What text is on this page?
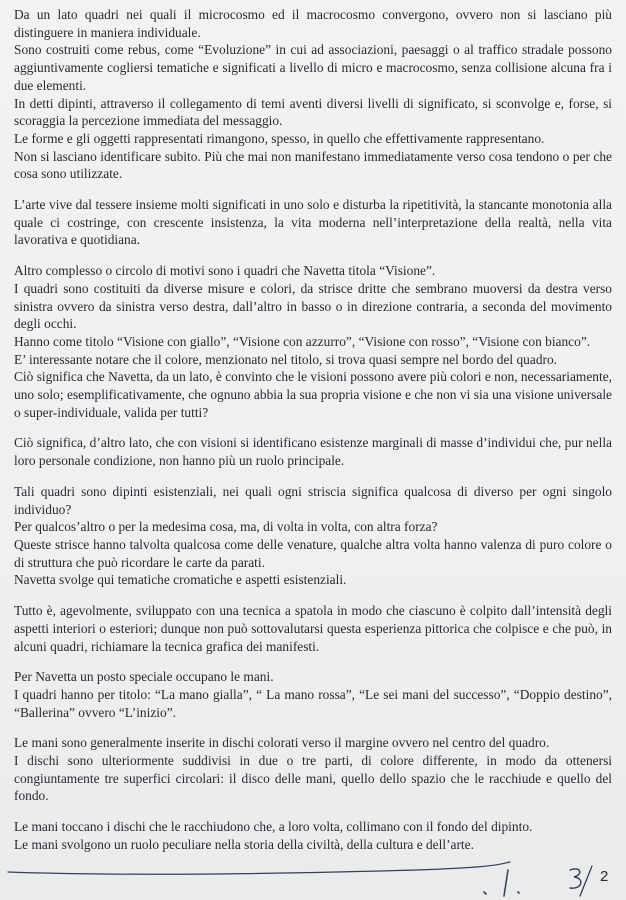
Da un lato quadri nei quali il microcosmo ed il macrocosmo convergono, ovvero non si lasciano più distinguere in maniera individuale.
Sono costruiti come rebus, come “Evoluzione” in cui ad associazioni, paesaggi o al traffico stradale possono aggiuntivamente cogliersi tematiche e significati a livello di micro e macrocosmo, senza collisione alcuna fra i due elementi.
In detti dipinti, attraverso il collegamento di temi aventi diversi livelli di significato, si sconvolge e, forse, si scoraggia la percezione immediata del messaggio.
Le forme e gli oggetti rappresentati rimangono, spesso, in quello che effettivamente rappresentano.
Non si lasciano identificare subito. Più che mai non manifestano immediatamente verso cosa tendono o per che cosa sono utilizzate.

L’arte vive dal tessere insieme molti significati in uno solo e disturba la ripetitività, la stancante monotonia alla quale ci costringe, con crescente insistenza, la vita moderna nell’interpretazione della realtà, nella vita lavorativa e quotidiana.

Altro complesso o circolo di motivi sono i quadri che Navetta titola “Visione”.
I quadri sono costituiti da diverse misure e colori, da strisce dritte che sembrano muoversi da destra verso sinistra ovvero da sinistra verso destra, dall’altro in basso o in direzione contraria, a seconda del movimento degli occhi.
Hanno come titolo “Visione con giallo”, “Visione con azzurro”, “Visione con rosso”, “Visione con bianco”.
E’ interessante notare che il colore, menzionato nel titolo, si trova quasi sempre nel bordo del quadro.
Ciò significa che Navetta, da un lato, è convinto che le visioni possono avere più colori e non, necessariamente, uno solo; esemplificativamente, che ognuno abbia la sua propria visione e che non vi sia una visione universale o super-individuale, valida per tutti?

Ciò significa, d’altro lato, che con visioni si identificano esistenze marginali di masse d’individui che, pur nella loro personale condizione, non hanno più un ruolo principale.

Tali quadri sono dipinti esistenziali, nei quali ogni striscia significa qualcosa di diverso per ogni singolo individuo?
Per qualcos’altro o per la medesima cosa, ma, di volta in volta, con altra forza?
Queste strisce hanno talvolta qualcosa come delle venature, qualche altra volta hanno valenza di puro colore o di struttura che può ricordare le carte da parati.
Navetta svolge qui tematiche cromatiche e aspetti esistenziali.

Tutto è, agevolmente, sviluppato con una tecnica a spatola in modo che ciascuno è colpito dall’intensità degli aspetti interiori o esteriori; dunque non può sottovalutarsi questa esperienza pittorica che colpisce e che può, in alcuni quadri, richiamare la tecnica grafica dei manifesti.

Per Navetta un posto speciale occupano le mani.
I quadri hanno per titolo: “La mano gialla”, “ La mano rossa”, “Le sei mani del successo”, “Doppio destino”, “Ballerina” ovvero “L’inizio”.

Le mani sono generalmente inserite in dischi colorati verso il margine ovvero nel centro del quadro.
I dischi sono ulteriormente suddivisi in due o tre parti, di colore differente, in modo da ottenersi congiuntamente tre superfici circolari: il disco delle mani, quello dello spazio che le racchiude e quello del fondo.

Le mani toccano i dischi che le racchiudono che, a loro volta, collimano con il fondo del dipinto.
Le mani svolgono un ruolo peculiare nella storia della civiltà, della cultura e dell’arte.

2
